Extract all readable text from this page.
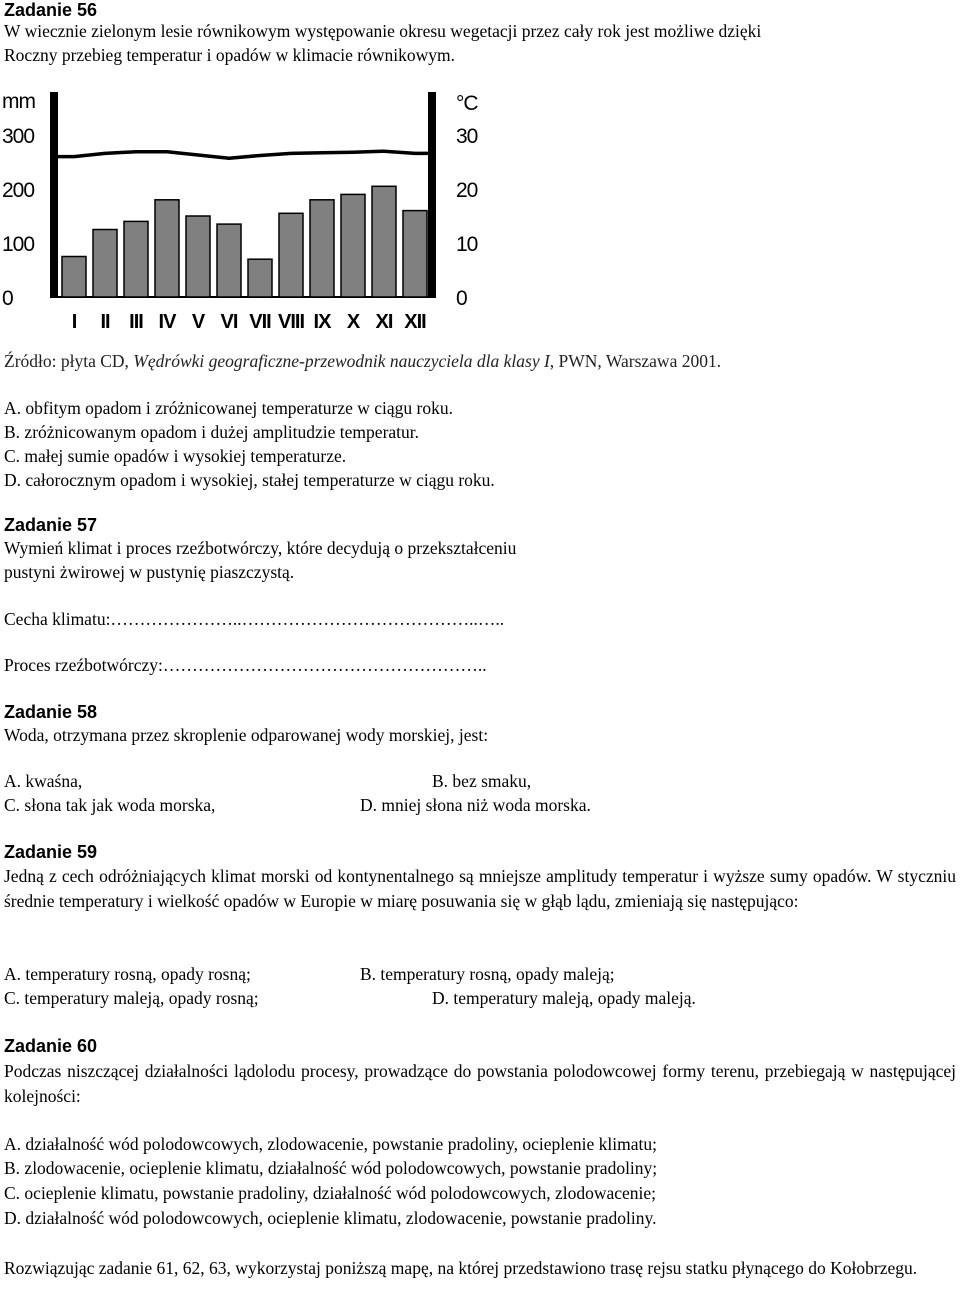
Zadanie 56
W wiecznie zielonym lesie równikowym występowanie okresu wegetacji przez cały rok jest możliwe dzięki
Roczny przebieg temperatur i opadów w klimacie równikowym.
mm	°C
300
200
100
0
30
20
10
0
I II III IV V VI VII VIII IX X XI XII
Źródło: płyta CD, Wędrówki geograficzne-przewodnik nauczyciela dla klasy I, PWN, Warszawa 2001.
A. obfitym opadom i zróżnicowanej temperaturze w ciągu roku.
B. zróżnicowanym opadom i dużej amplitudzie temperatur.
C. małej sumie opadów i wysokiej temperaturze.
D. całorocznym opadom i wysokiej, stałej temperaturze w ciągu roku.
Zadanie 57
Wymień klimat i proces rzeźbotwórczy, które decydują o przekształceniu
pustyni żwirowej w pustynię piaszczystą.
Cecha klimatu:…………………..…………………………………..…..
Proces rzeźbotwórczy:………………………………………………..
Zadanie 58
Woda, otrzymana przez skroplenie odparowanej wody morskiej, jest:
A. kwaśna,	B. bez smaku,
C. słona tak jak woda morska,	D. mniej słona niż woda morska.
Zadanie 59
Jedną z cech odróżniających klimat morski od kontynentalnego są mniejsze amplitudy temperatur i wyższe sumy opadów. W styczniu średnie temperatury i wielkość opadów w Europie w miarę posuwania się w głąb lądu, zmieniają się następująco:
A. temperatury rosną, opady rosną;	B. temperatury rosną, opady maleją;
C. temperatury maleją, opady rosną;	D. temperatury maleją, opady maleją.
Zadanie 60
Podczas niszczącej działalności lądolodu procesy, prowadzące do powstania polodowcowej formy terenu, przebiegają w następującej kolejności:
A. działalność wód polodowcowych, zlodowacenie, powstanie pradoliny, ocieplenie klimatu;
B. zlodowacenie, ocieplenie klimatu, działalność wód polodowcowych, powstanie pradoliny;
C. ocieplenie klimatu, powstanie pradoliny, działalność wód polodowcowych, zlodowacenie;
D. działalność wód polodowcowych, ocieplenie klimatu, zlodowacenie, powstanie pradoliny.
Rozwiązując zadanie 61, 62, 63, wykorzystaj poniższą mapę, na której przedstawiono trasę rejsu statku płynącego do Kołobrzegu.
